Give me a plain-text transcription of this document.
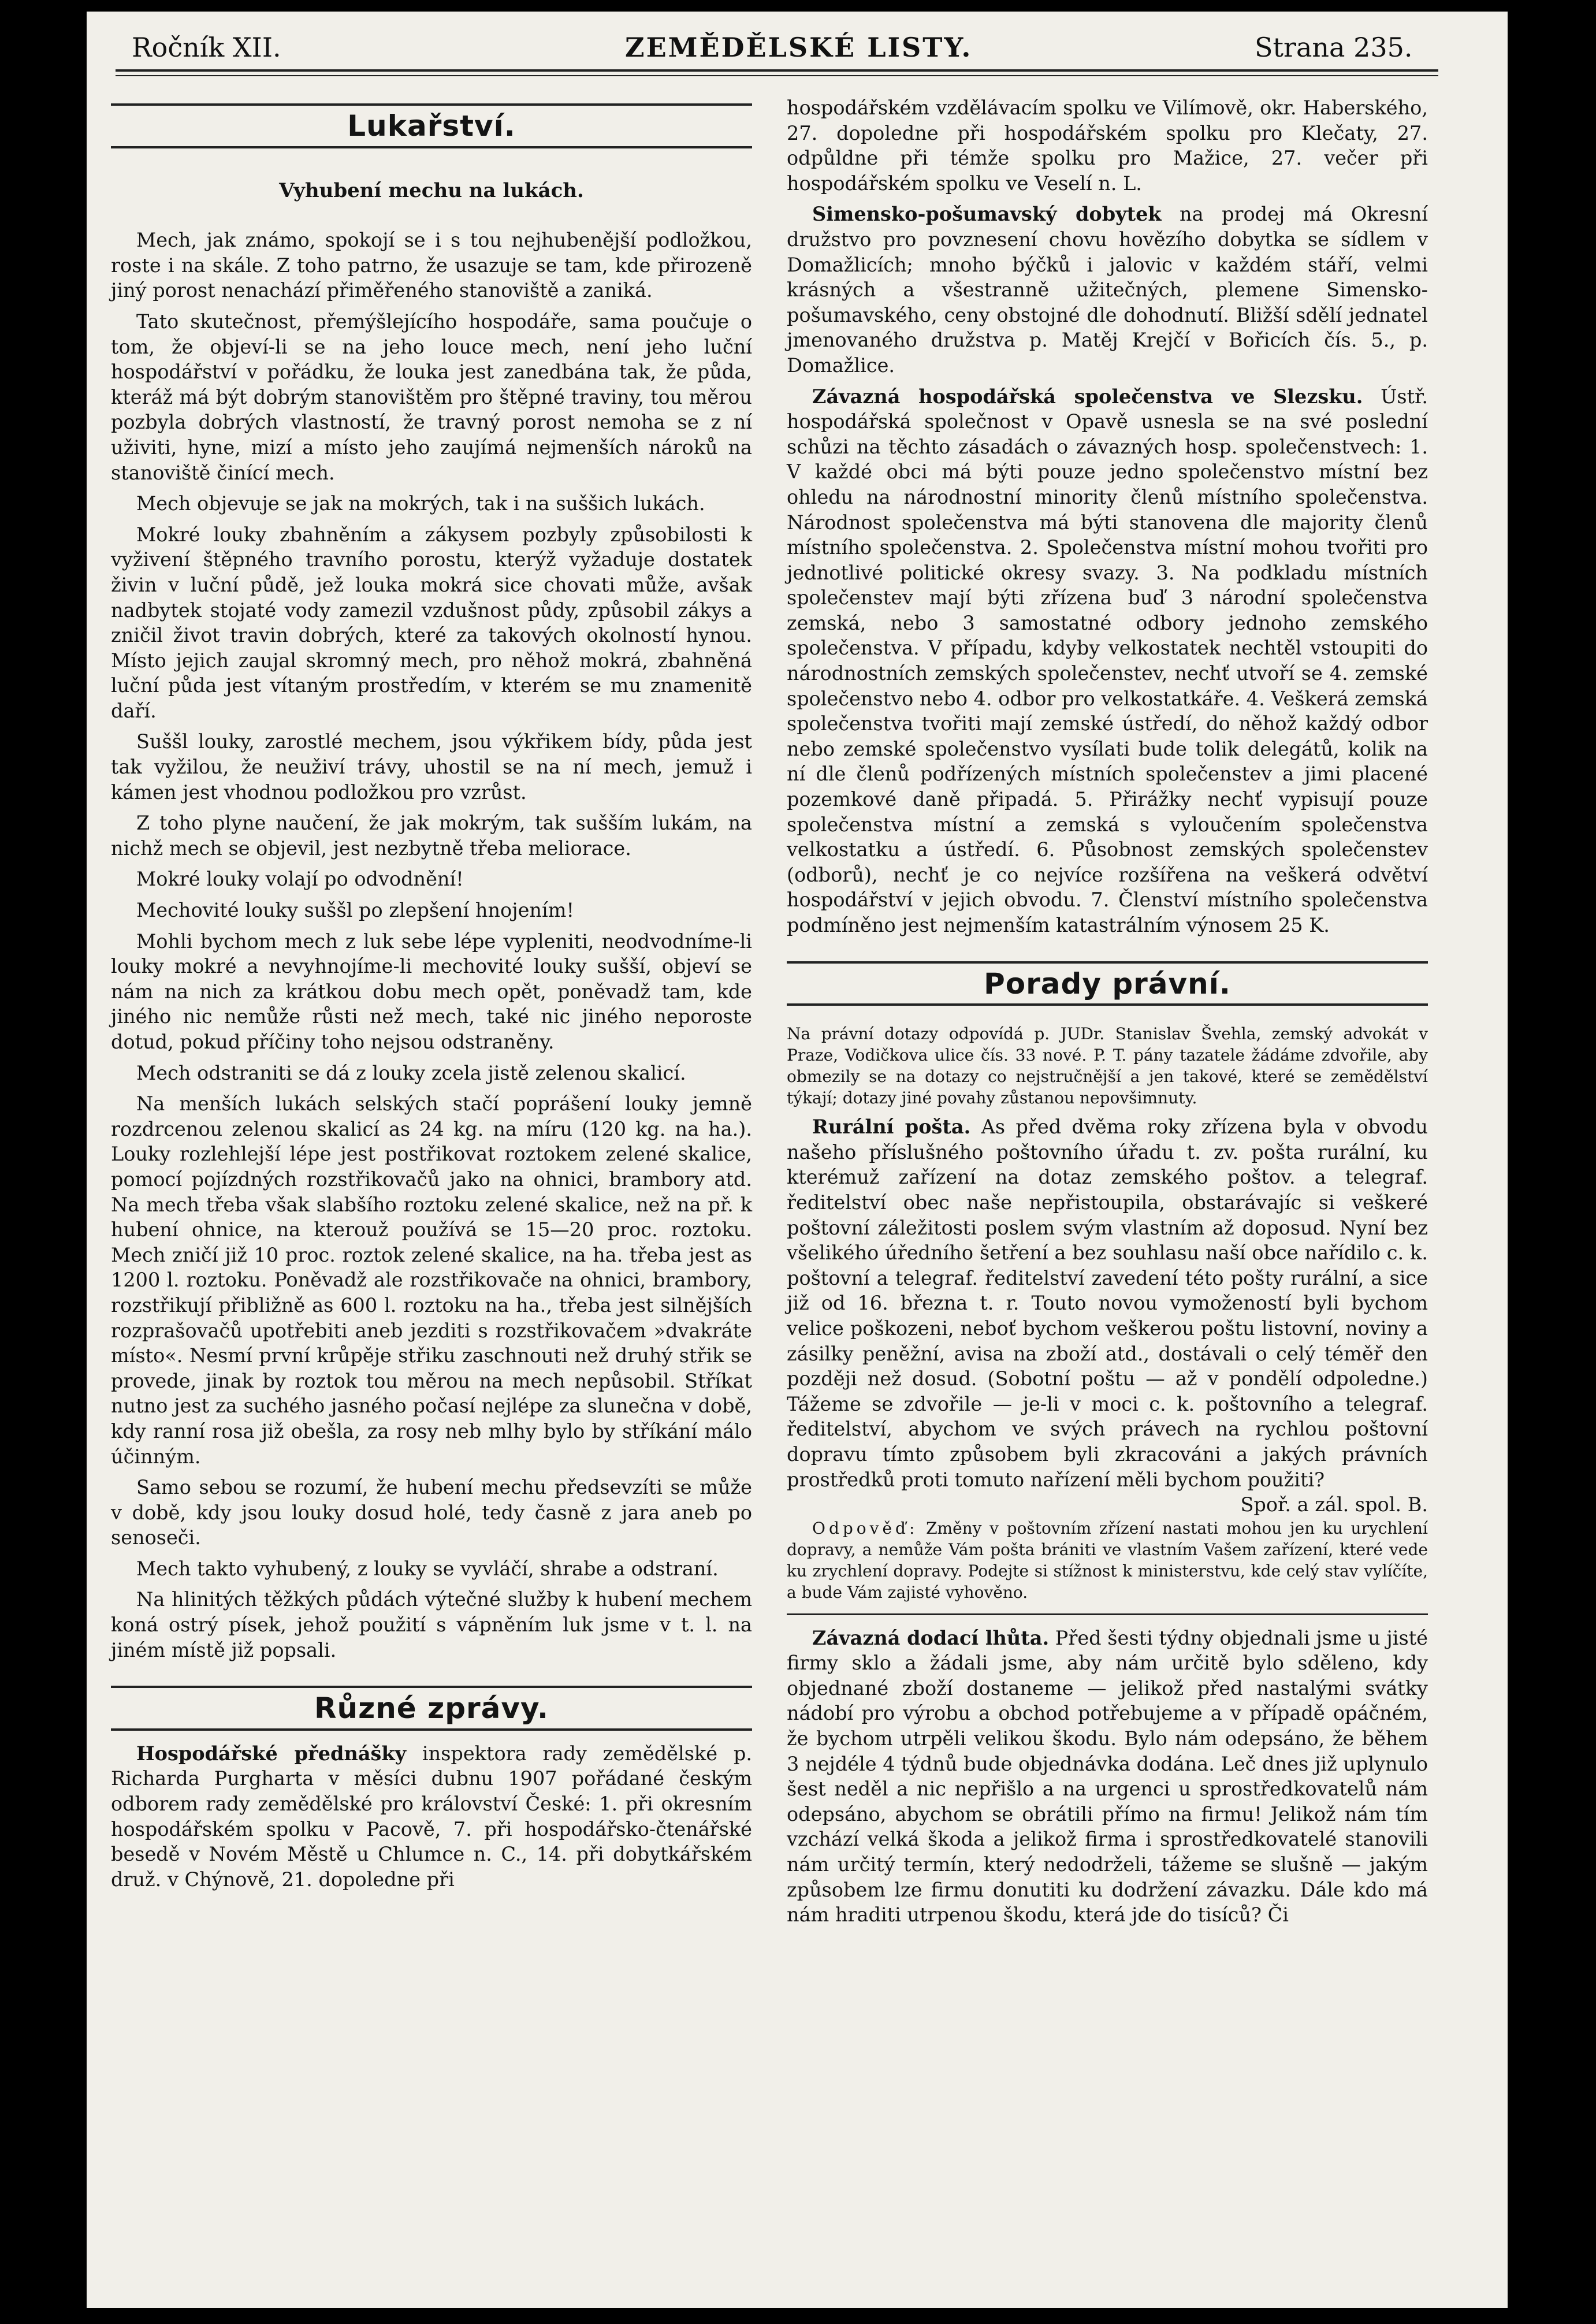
Ročník XII.	ZEMĚDĚLSKÉ LISTY.	Strana 235.
Lukařství.
Vyhubení mechu na lukách.

Mech, jak známo, spokojí se i s tou nejhubenější podložkou, roste i na skále. Z toho patrno, že usazuje se tam, kde přirozeně jiný porost nenachází přiměřeného stanoviště a zaniká.

Tato skutečnost, přemýšlejícího hospodáře, sama poučuje o tom, že objeví-li se na jeho louce mech, není jeho luční hospodářství v pořádku, že louka jest zanedbána tak, že půda, kteráž má být dobrým stanovištěm pro štěpné traviny, tou měrou pozbyla dobrých vlastností, že travný porost nemoha se z ní uživiti, hyne, mizí a místo jeho zaujímá nejmenších nároků na stanoviště činící mech.

Mech objevuje se jak na mokrých, tak i na suššich lukách.

Mokré louky zbahněním a zákysem pozbyly způsobilosti k vyživení štěpného travního porostu, kterýž vyžaduje dostatek živin v luční půdě, jež louka mokrá sice chovati může, avšak nadbytek stojaté vody zamezil vzdušnost půdy, způsobil zákys a zničil život travin dobrých, které za takových okolností hynou. Místo jejich zaujal skromný mech, pro něhož mokrá, zbahněná luční půda jest vítaným prostředím, v kterém se mu znamenitě daří.

Suššl louky, zarostlé mechem, jsou výkřikem bídy, půda jest tak vyžilou, že neuživí trávy, uhostil se na ní mech, jemuž i kámen jest vhodnou podložkou pro vzrůst.

Z toho plyne naučení, že jak mokrým, tak sušším lukám, na nichž mech se objevil, jest nezbytně třeba meliorace.

Mokré louky volají po odvodnění!

Mechovité louky suššl po zlepšení hnojením!

Mohli bychom mech z luk sebe lépe vypleniti, neodvodníme-li louky mokré a nevyhnojíme-li mechovité louky sušší, objeví se nám na nich za krátkou dobu mech opět, poněvadž tam, kde jiného nic nemůže růsti než mech, také nic jiného neporoste dotud, pokud příčiny toho nejsou odstraněny.

Mech odstraniti se dá z louky zcela jistě zelenou skalicí.

Na menších lukách selských stačí poprášení louky jemně rozdrcenou zelenou skalicí as 24 kg. na míru (120 kg. na ha.). Louky rozlehlejší lépe jest postřikovat roztokem zelené skalice, pomocí pojízdných rozstřikovačů jako na ohnici, brambory atd. Na mech třeba však slabšího roztoku zelené skalice, než na př. k hubení ohnice, na kterouž používá se 15—20 proc. roztoku. Mech zničí již 10 proc. roztok zelené skalice, na ha. třeba jest as 1200 l. roztoku. Poněvadž ale rozstřikovače na ohnici, brambory, rozstřikují přibližně as 600 l. roztoku na ha., třeba jest silnějších rozprašovačů upotřebiti aneb jezditi s rozstřikovačem »dvakráte místo«. Nesmí první krůpěje střiku zaschnouti než druhý střik se provede, jinak by roztok tou měrou na mech nepůsobil. Stříkat nutno jest za suchého jasného počasí nejlépe za slunečna v době, kdy ranní rosa již obešla, za rosy neb mlhy bylo by stříkání málo účinným.

Samo sebou se rozumí, že hubení mechu předsevzíti se může v době, kdy jsou louky dosud holé, tedy časně z jara aneb po senoseči.

Mech takto vyhubený, z louky se vyvláčí, shrabe a odstraní.

Na hlinitých těžkých půdách výtečné služby k hubení mechem koná ostrý písek, jehož použití s vápněním luk jsme v t. l. na jiném místě již popsali.

Různé zprávy.

Hospodářské přednášky inspektora rady zemědělské p. Richarda Purgharta v měsíci dubnu 1907 pořádané českým odborem rady zemědělské pro království České: 1. při okresním hospodářském spolku v Pacově, 7. při hospodářsko-čtenářské besedě v Novém Městě u Chlumce n. C., 14. při dobytkářském druž. v Chýnově, 21. dopoledne při

hospodářském vzdělávacím spolku ve Vilímově, okr. Haberského, 27. dopoledne při hospodářském spolku pro Klečaty, 27. odpůldne při témže spolku pro Mažice, 27. večer při hospodářském spolku ve Veselí n. L.

Simensko-pošumavský dobytek na prodej má Okresní družstvo pro povznesení chovu hovězího dobytka se sídlem v Domažlicích; mnoho býčků i jalovic v každém stáří, velmi krásných a všestranně užitečných, plemene Simensko-pošumavského, ceny obstojné dle dohodnutí. Bližší sdělí jednatel jmenovaného družstva p. Matěj Krejčí v Bořicích čís. 5., p. Domažlice.

Závazná hospodářská společenstva ve Slezsku. Ústř. hospodářská společnost v Opavě usnesla se na své poslední schůzi na těchto zásadách o závazných hosp. společenstvech: 1. V každé obci má býti pouze jedno společenstvo místní bez ohledu na národnostní minority členů místního společenstva. Národnost společenstva má býti stanovena dle majority členů místního společenstva. 2. Společenstva místní mohou tvořiti pro jednotlivé politické okresy svazy. 3. Na podkladu místních společenstev mají býti zřízena buď 3 národní společenstva zemská, nebo 3 samostatné odbory jednoho zemského společenstva. V případu, kdyby velkostatek nechtěl vstoupiti do národnostních zemských společenstev, nechť utvoří se 4. zemské společenstvo nebo 4. odbor pro velkostatkáře. 4. Veškerá zemská společenstva tvořiti mají zemské ústředí, do něhož každý odbor nebo zemské společenstvo vysílati bude tolik delegátů, kolik na ní dle členů podřízených místních společenstev a jimi placené pozemkové daně připadá. 5. Přirážky nechť vypisují pouze společenstva místní a zemská s vyloučením společenstva velkostatku a ústředí. 6. Působnost zemských společenstev (odborů), nechť je co nejvíce rozšířena na veškerá odvětví hospodářství v jejich obvodu. 7. Členství místního společenstva podmíněno jest nejmenším katastrálním výnosem 25 K.

Porady právní.

Na právní dotazy odpovídá p. JUDr. Stanislav Švehla, zemský advokát v Praze, Vodičkova ulice čís. 33 nové. P. T. pány tazatele žádáme zdvořile, aby obmezily se na dotazy co nejstručnější a jen takové, které se zemědělství týkají; dotazy jiné povahy zůstanou nepovšimnuty.

Rurální pošta. As před dvěma roky zřízena byla v obvodu našeho příslušného poštovního úřadu t. zv. pošta rurální, ku kterémuž zařízení na dotaz zemského poštov. a telegraf. ředitelství obec naše nepřistoupila, obstarávajíc si veškeré poštovní záležitosti poslem svým vlastním až doposud. Nyní bez všelikého úředního šetření a bez souhlasu naší obce nařídilo c. k. poštovní a telegraf. ředitelství zavedení této pošty rurální, a sice již od 16. března t. r. Touto novou vymožeností byli bychom velice poškozeni, neboť bychom veškerou poštu listovní, noviny a zásilky peněžní, avisa na zboží atd., dostávali o celý téměř den později než dosud. (Sobotní poštu — až v pondělí odpoledne.) Tážeme se zdvořile — je-li v moci c. k. poštovního a telegraf. ředitelství, abychom ve svých právech na rychlou poštovní dopravu tímto způsobem byli zkracováni a jakých právních prostředků proti tomuto nařízení měli bychom použiti?
Spoř. a zál. spol. B.

Odpověď: Změny v poštovním zřízení nastati mohou jen ku urychlení dopravy, a nemůže Vám pošta brániti ve vlastním Vašem zařízení, které vede ku zrychlení dopravy. Podejte si stížnost k ministerstvu, kde celý stav vylíčíte, a bude Vám zajisté vyhověno.

Závazná dodací lhůta. Před šesti týdny objednali jsme u jisté firmy sklo a žádali jsme, aby nám určitě bylo sděleno, kdy objednané zboží dostaneme — jelikož před nastalými svátky nádobí pro výrobu a obchod potřebujeme a v případě opáčném, že bychom utrpěli velikou škodu. Bylo nám odepsáno, že během 3 nejdéle 4 týdnů bude objednávka dodána. Leč dnes již uplynulo šest neděl a nic nepřišlo a na urgenci u sprostředkovatelů nám odepsáno, abychom se obrátili přímo na firmu! Jelikož nám tím vzchází velká škoda a jelikož firma i sprostředkovatelé stanovili nám určitý termín, který nedodrželi, tážeme se slušně — jakým způsobem lze firmu donutiti ku dodržení závazku. Dále kdo má nám hraditi utrpenou škodu, která jde do tisíců? Či
